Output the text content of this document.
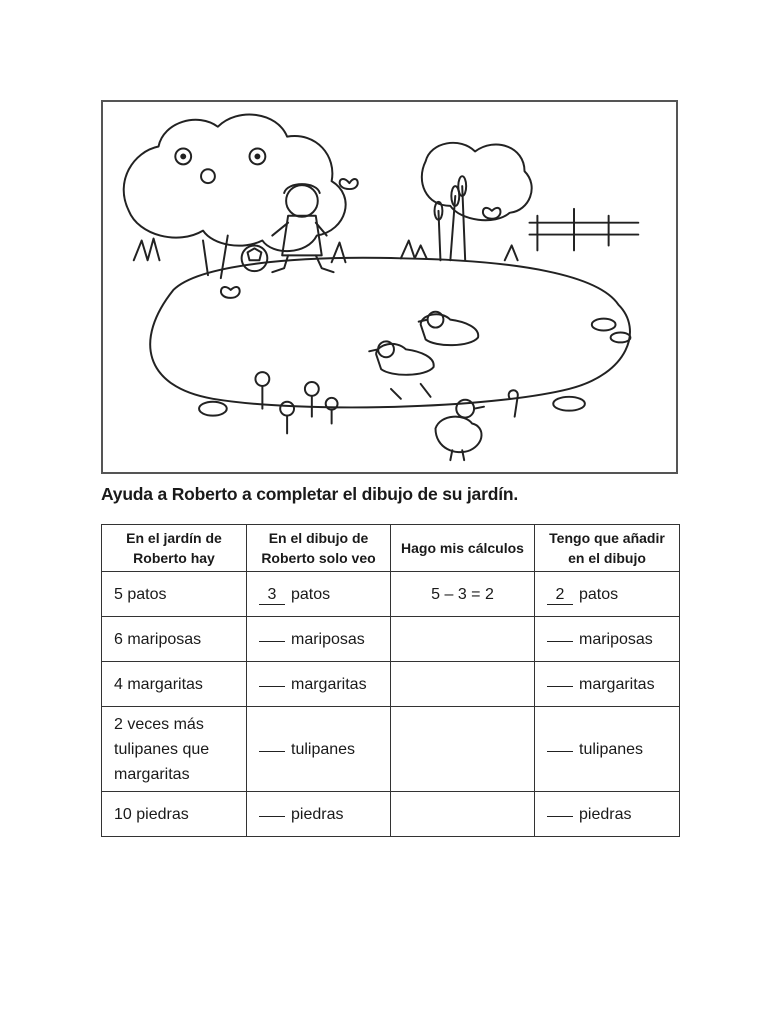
Ayuda a Roberto a completar el dibujo de su jardín.
En el jardín de Roberto hay	En el dibujo de Roberto solo veo	Hago mis cálculos	Tengo que añadir en el dibujo
5 patos	3 patos	5 – 3 = 2	2 patos
6 mariposas	mariposas		mariposas
4 margaritas	margaritas		margaritas
2 veces más tulipanes que margaritas	tulipanes		tulipanes
10 piedras	piedras		piedras
